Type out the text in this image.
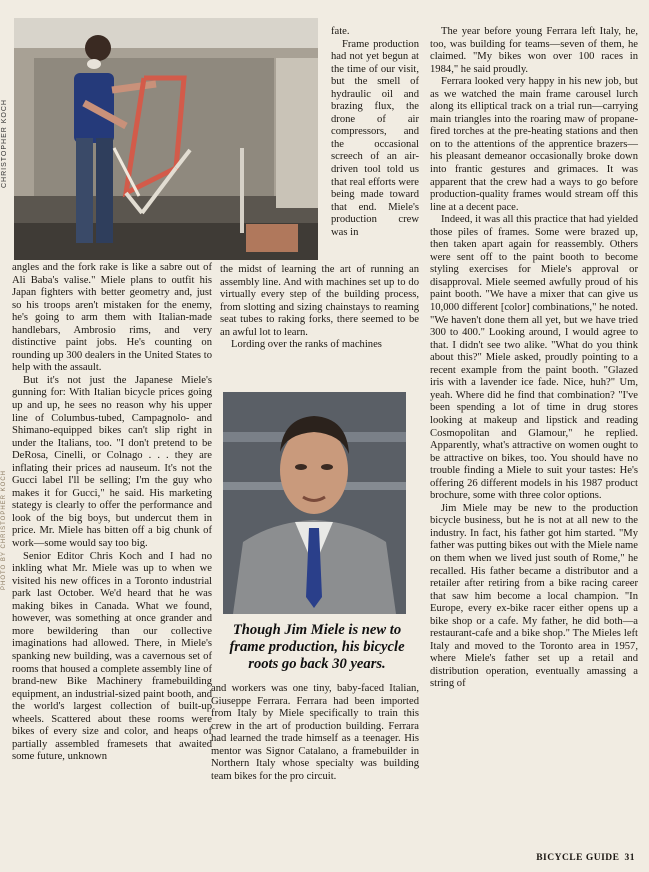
CHRISTOPHER KOCH
PHOTO BY CHRISTOPHER KOCH

angles and the fork rake is like a sabre out of Ali Baba's valise." Miele plans to outfit his Japan fighters with better geometry and, just so his troops aren't mistaken for the enemy, he's going to arm them with Italian-made handlebars, Ambrosio rims, and very distinctive paint jobs. He's counting on rounding up 300 dealers in the United States to help with the assault.

But it's not just the Japanese Miele's gunning for: With Italian bicycle prices going up and up, he sees no reason why his upper line of Columbus-tubed, Campagnolo- and Shimano-equipped bikes can't slip right in under the Italians, too. "I don't pretend to be DeRosa, Cinelli, or Colnago . . . they are inflating their prices ad nauseum. It's not the Gucci label I'll be selling; I'm the guy who makes it for Gucci," he said. His marketing stategy is clearly to offer the performance and look of the big boys, but undercut them in price. Mr. Miele has bitten off a big chunk of work—some would say too big.

Senior Editor Chris Koch and I had no inkling what Mr. Miele was up to when we visited his new offices in a Toronto industrial park last October. We'd heard that he was making bikes in Canada. What we found, however, was something at once grander and more bewildering than our collective imaginations had allowed. There, in Miele's spanking new building, was a cavernous set of rooms that housed a complete assembly line of brand-new Bike Machinery framebuilding equipment, an industrial-sized paint booth, and the world's largest collection of built-up wheels. Scattered about these rooms were bikes of every size and color, and heaps of partially assembled framesets that awaited some future, unknown

fate.

Frame production had not yet begun at the time of our visit, but the smell of hydraulic oil and brazing flux, the drone of air compressors, and the occasional screech of an air-driven tool told us that real efforts were being made toward that end. Miele's production crew was in

the midst of learning the art of running an assembly line. And with machines set up to do virtually every step of the building process, from slotting and sizing chainstays to reaming seat tubes to raking forks, there seemed to be an awful lot to learn.

Lording over the ranks of machines

Though Jim Miele is new to frame production, his bicycle roots go back 30 years.

and workers was one tiny, baby-faced Italian, Giuseppe Ferrara. Ferrara had been imported from Italy by Miele specifically to train this crew in the art of production building. Ferrara had learned the trade himself as a teenager. His mentor was Signor Catalano, a framebuilder in Northern Italy whose specialty was building team bikes for the pro circuit.

The year before young Ferrara left Italy, he, too, was building for teams—seven of them, he claimed. "My bikes won over 100 races in 1984," he said proudly.

Ferrara looked very happy in his new job, but as we watched the main frame carousel lurch along its elliptical track on a trial run—carrying main triangles into the roaring maw of propane-fired torches at the pre-heating stations and then on to the attentions of the apprentice brazers—his pleasant demeanor occasionally broke down into frantic gestures and grimaces. It was apparent that the crew had a ways to go before production-quality frames would stream off this line at a decent pace.

Indeed, it was all this practice that had yielded those piles of frames. Some were brazed up, then taken apart again for reassembly. Others were sent off to the paint booth to become styling exercises for Miele's approval or disapproval. Miele seemed awfully proud of his paint booth. "We have a mixer that can give us 10,000 different [color] combinations," he noted. "We haven't done them all yet, but we have tried 300 to 400." Looking around, I would agree to that. I didn't see two alike. "What do you think about this?" Miele asked, proudly pointing to a recent example from the paint booth. "Glazed iris with a lavender ice fade. Nice, huh?" Um, yeah. Where did he find that combination? "I've been spending a lot of time in drug stores looking at makeup and lipstick and reading Cosmopolitan and Glamour," he replied. Apparently, what's attractive on women ought to be attractive on bikes, too. You should have no trouble finding a Miele to suit your tastes: He's offering 26 different models in his 1987 product brochure, some with three color options.

Jim Miele may be new to the production bicycle business, but he is not at all new to the industry. In fact, his father got him started. "My father was putting bikes out with the Miele name on them when we lived just south of Rome," he recalled. His father became a distributor and a retailer after retiring from a bike racing career that saw him become a local champion. "In Europe, every ex-bike racer either opens up a bike shop or a cafe. My father, he did both—a restaurant-cafe and a bike shop." The Mieles left Italy and moved to the Toronto area in 1957, where Miele's father set up a retail and distribution operation, eventually amassing a string of

BICYCLE GUIDE 31
